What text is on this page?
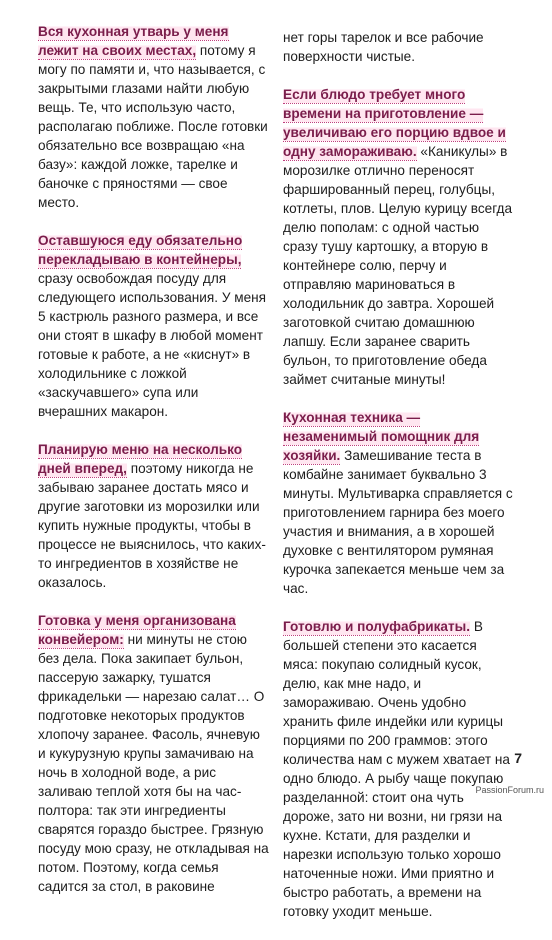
Вся кухонная утварь у меня лежит на своих местах, потому я могу по памяти и, что называется, с закрытыми глазами найти любую вещь. Те, что использую часто, располагаю поближе. После готовки обязательно все возвращаю «на базу»: каждой ложке, тарелке и баночке с пряностями — свое место.
Оставшуюся еду обязательно перекладываю в контейнеры, сразу освобождая посуду для следующего использования. У меня 5 кастрюль разного размера, и все они стоят в шкафу в любой момент готовые к работе, а не «киснут» в холодильнике с ложкой «заскучавшего» супа или вчерашних макарон.
Планирую меню на несколько дней вперед, поэтому никогда не забываю заранее достать мясо и другие заготовки из морозилки или купить нужные продукты, чтобы в процессе не выяснилось, что каких-то ингредиентов в хозяйстве не оказалось.
Готовка у меня организована конвейером: ни минуты не стою без дела. Пока закипает бульон, пассерую зажарку, тушатся фрикадельки — нарезаю салат… О подготовке некоторых продуктов хлопочу заранее. Фасоль, ячневую и кукурузную крупы замачиваю на ночь в холодной воде, а рис заливаю теплой хотя бы на час-полтора: так эти ингредиенты сварятся гораздо быстрее. Грязную посуду мою сразу, не откладывая на потом. Поэтому, когда семья садится за стол, в раковине
нет горы тарелок и все рабочие поверхности чистые.
Если блюдо требует много времени на приготовление — увеличиваю его порцию вдвое и одну замораживаю. «Каникулы» в морозилке отлично переносят фаршированный перец, голубцы, котлеты, плов. Целую курицу всегда делю пополам: с одной частью сразу тушу картошку, а вторую в контейнере солю, перчу и отправляю мариноваться в холодильник до завтра. Хорошей заготовкой считаю домашнюю лапшу. Если заранее сварить бульон, то приготовление обеда займет считаные минуты!
Кухонная техника — незаменимый помощник для хозяйки. Замешивание теста в комбайне занимает буквально 3 минуты. Мультиварка справляется с приготовлением гарнира без моего участия и внимания, а в хорошей духовке с вентилятором румяная курочка запекается меньше чем за час.
Готовлю и полуфабрикаты. В большей степени это касается мяса: покупаю солидный кусок, делю, как мне надо, и замораживаю. Очень удобно хранить филе индейки или курицы порциями по 200 граммов: этого количества нам с мужем хватает на одно блюдо. А рыбу чаще покупаю разделанной: стоит она чуть дороже, зато ни возни, ни грязи на кухне. Кстати, для разделки и нарезки использую только хорошо наточенные ножи. Ими приятно и быстро работать, а времени на готовку уходит меньше.
7
PassionForum.ru
